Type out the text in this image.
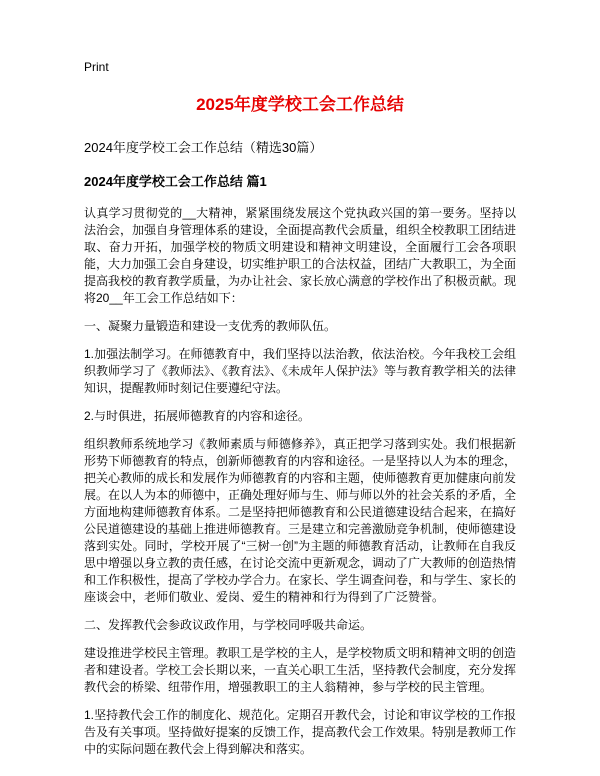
Print
2025年度学校工会工作总结
2024年度学校工会工作总结（精选30篇）
2024年度学校工会工作总结 篇1

认真学习贯彻党的__大精神，紧紧围绕发展这个党执政兴国的第一要务。坚持以法治会，加强自身管理体系的建设，全面提高教代会质量，组织全校教职工团结进取、奋力开拓，加强学校的物质文明建设和精神文明建设，全面履行工会各项职能，大力加强工会自身建设，切实维护职工的合法权益，团结广大教职工，为全面提高我校的教育教学质量，为办让社会、家长放心满意的学校作出了积极贡献。现将20__年工会工作总结如下：

一、凝聚力量锻造和建设一支优秀的教师队伍。

1.加强法制学习。在师德教育中，我们坚持以法治教，依法治校。今年我校工会组织教师学习了《教师法》、《教育法》、《未成年人保护法》等与教育教学相关的法律知识，提醒教师时刻记住要遵纪守法。

2.与时俱进，拓展师德教育的内容和途径。

组织教师系统地学习《教师素质与师德修养》，真正把学习落到实处。我们根据新形势下师德教育的特点，创新师德教育的内容和途径。一是坚持以人为本的理念，把关心教师的成长和发展作为师德教育的内容和主题，使师德教育更加健康向前发展。在以人为本的师德中，正确处理好师与生、师与师以外的社会关系的矛盾，全方面地构建师德教育体系。二是坚持把师德教育和公民道德建设结合起来，在搞好公民道德建设的基础上推进师德教育。三是建立和完善激励竞争机制，使师德建设落到实处。同时，学校开展了“三树一创”为主题的师德教育活动，让教师在自我反思中增强以身立教的责任感，在讨论交流中更新观念，调动了广大教师的创造热情和工作积极性，提高了学校办学合力。在家长、学生调查问卷，和与学生、家长的座谈会中，老师们敬业、爱岗、爱生的精神和行为得到了广泛赞誉。

二、发挥教代会参政议政作用，与学校同呼吸共命运。

建设推进学校民主管理。教职工是学校的主人，是学校物质文明和精神文明的创造者和建设者。学校工会长期以来，一直关心职工生活，坚持教代会制度，充分发挥教代会的桥梁、纽带作用，增强教职工的主人翁精神，参与学校的民主管理。

1.坚持教代会工作的制度化、规范化。定期召开教代会，讨论和审议学校的工作报告及有关事项。坚持做好提案的反馈工作，提高教代会工作效果。特别是教师工作中的实际问题在教代会上得到解决和落实。
